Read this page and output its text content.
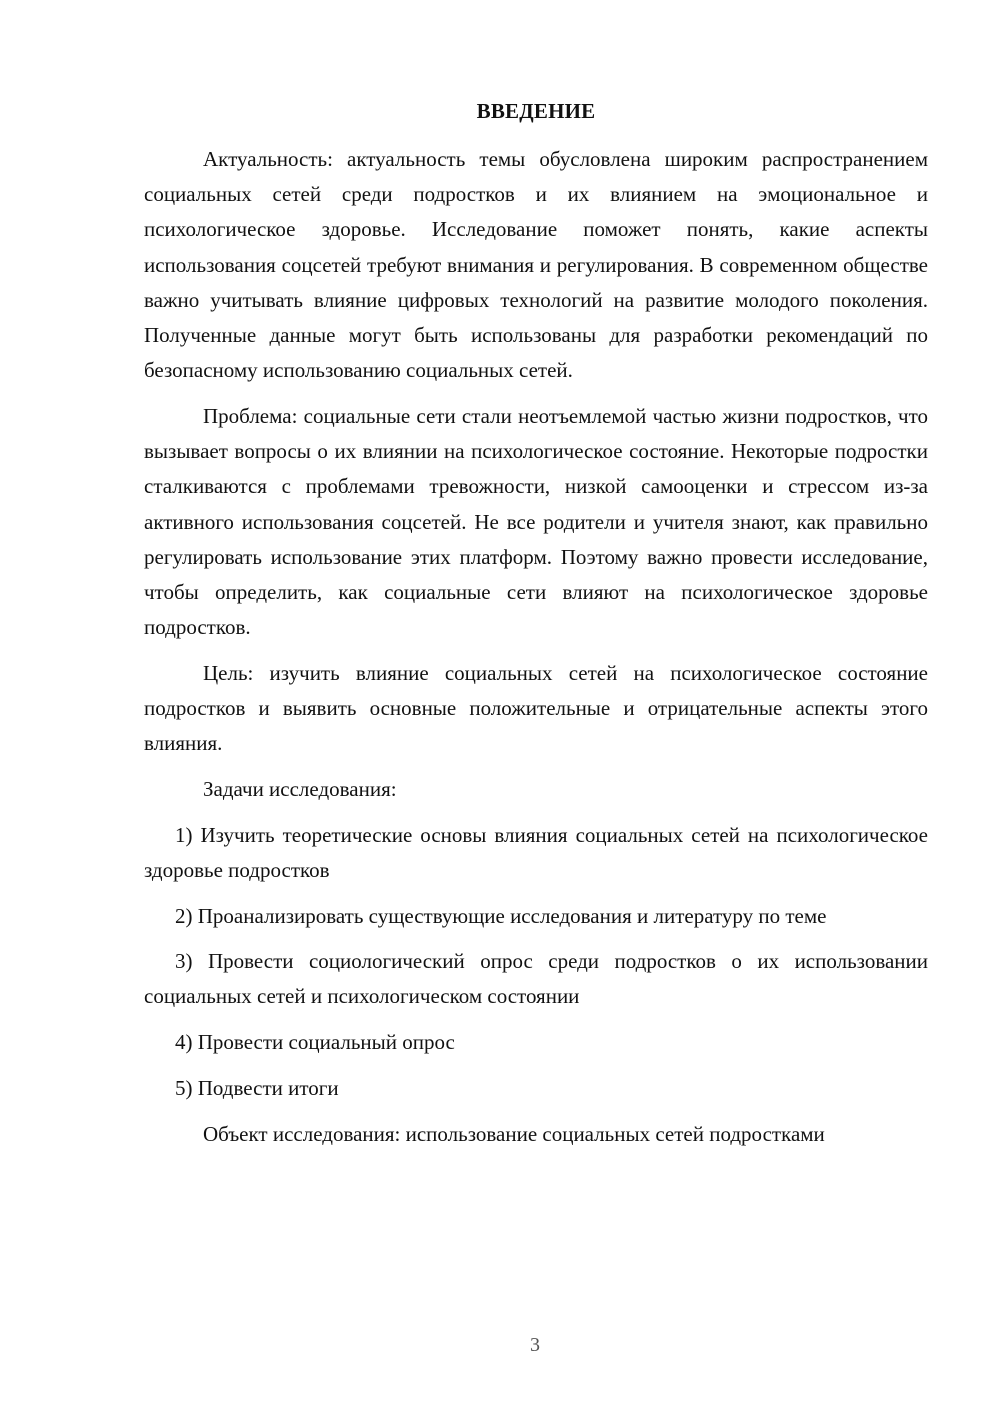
ВВЕДЕНИЕ

Актуальность: актуальность темы обусловлена широким распространением социальных сетей среди подростков и их влиянием на эмоциональное и психологическое здоровье. Исследование поможет понять, какие аспекты использования соцсетей требуют внимания и регулирования. В современном обществе важно учитывать влияние цифровых технологий на развитие молодого поколения. Полученные данные могут быть использованы для разработки рекомендаций по безопасному использованию социальных сетей.

Проблема: социальные сети стали неотъемлемой частью жизни подростков, что вызывает вопросы о их влиянии на психологическое состояние. Некоторые подростки сталкиваются с проблемами тревожности, низкой самооценки и стрессом из-за активного использования соцсетей. Не все родители и учителя знают, как правильно регулировать использование этих платформ. Поэтому важно провести исследование, чтобы определить, как социальные сети влияют на психологическое здоровье подростков.

Цель: изучить влияние социальных сетей на психологическое состояние подростков и выявить основные положительные и отрицательные аспекты этого влияния.

Задачи исследования:

1) Изучить теоретические основы влияния социальных сетей на психологическое здоровье подростков

2) Проанализировать существующие исследования и литературу по теме

3) Провести социологический опрос среди подростков о их использовании социальных сетей и психологическом состоянии

4) Провести социальный опрос

5) Подвести итоги

Объект исследования: использование социальных сетей подростками

3
